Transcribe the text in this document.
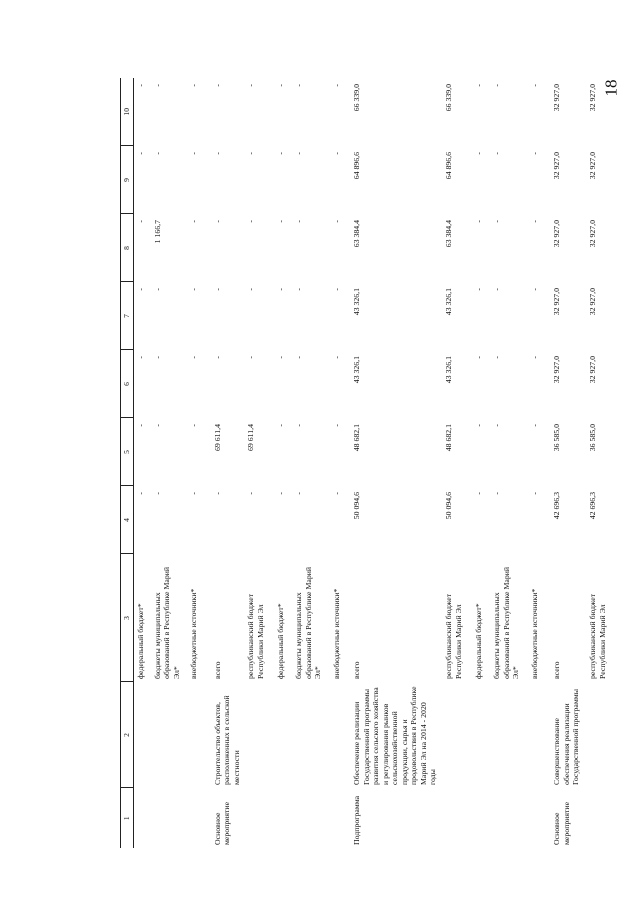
18
1	2	3	4	5	6	7	8	9	10
		федеральный бюджет*	-	-	-	-	-	-	-
		бюджеты муниципальных образований в Республике Марий Эл*	-	-	-	-	1 166,7	-	-
		внебюджетные источники*	-	-	-	-	-	-	-
Основное мероприятие	Строительство объектов, расположенных в сельской местности	всего	-	69 611,4	-	-	-	-	-
		республиканский бюджет Республики Марий Эл	-	69 611,4	-	-	-	-	-
		федеральный бюджет*	-	-	-	-	-	-	-
		бюджеты муниципальных образований в Республике Марий Эл*	-	-	-	-	-	-	-
		внебюджетные источники*	-	-	-	-	-	-	-
Подпрограмма	Обеспечение реализации Государственной программы развития сельского хозяйства и регулирования рынков сельскохозяйственной продукции, сырья и продовольствия в Республике Марий Эл на 2014 - 2020 годы	всего	50 094,6	48 682,1	43 326,1	43 326,1	63 384,4	64 896,6	66 339,0
		республиканский бюджет Республики Марий Эл	50 094,6	48 682,1	43 326,1	43 326,1	63 384,4	64 896,6	66 339,0
		федеральный бюджет*	-	-	-	-	-	-	-
		бюджеты муниципальных образований в Республике Марий Эл*	-	-	-	-	-	-	-
		внебюджетные источники*	-	-	-	-	-	-	-
Основное мероприятие	Совершенствование обеспечения реализации Государственной программы	всего	42 696,3	36 585,0	32 927,0	32 927,0	32 927,0	32 927,0	32 927,0
		республиканский бюджет Республики Марий Эл	42 696,3	36 585,0	32 927,0	32 927,0	32 927,0	32 927,0	32 927,0
